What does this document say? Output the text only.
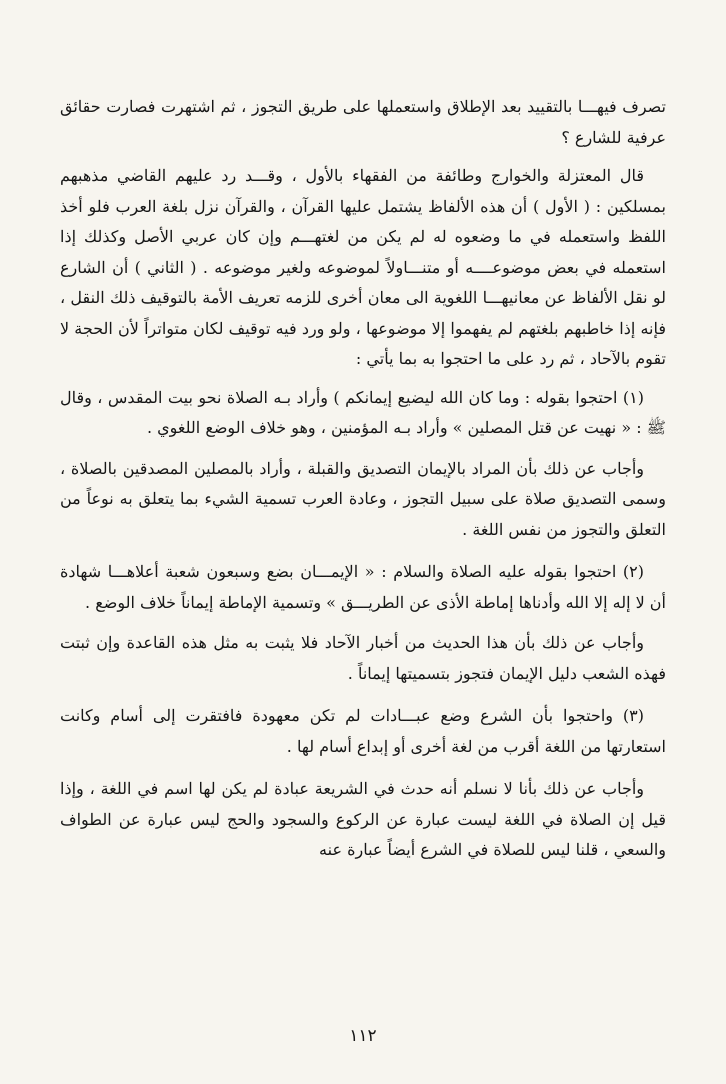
تصرف فيهـــا بالتقييد بعد الإطلاق واستعملها على طريق التجوز ، ثم اشتهرت فصارت حقائق عرفية للشارع ؟

قال المعتزلة والخوارج وطائفة من الفقهاء بالأول ، وقـــد رد عليهم القاضي مذهبهم بمسلكين : ( الأول ) أن هذه الألفاظ يشتمل عليها القرآن ، والقرآن نزل بلغة العرب فلو أخذ اللفظ واستعمله في ما وضعوه له لم يكن من لغتهـــم وإن كان عربي الأصل وكذلك إذا استعمله في بعض موضوعــــه أو متنـــاولاً لموضوعه ولغير موضوعه . ( الثاني ) أن الشارع لو نقل الألفاظ عن معانيهـــا اللغوية الى معان أخرى للزمه تعريف الأمة بالتوقيف ذلك النقل ، فإنه إذا خاطبهم بلغتهم لم يفهموا إلا موضوعها ، ولو ورد فيه توقيف لكان متواتراً لأن الحجة لا تقوم بالآحاد ، ثم رد على ما احتجوا به بما يأتي :

(١) احتجوا بقوله : وما كان الله ليضيع إيمانكم ) وأراد بـه الصلاة نحو بيت المقدس ، وقال ﷺ : « نهيت عن قتل المصلين » وأراد بـه المؤمنين ، وهو خلاف الوضع اللغوي .

وأجاب عن ذلك بأن المراد بالإيمان التصديق والقبلة ، وأراد بالمصلين المصدقين بالصلاة ، وسمى التصديق صلاة على سبيل التجوز ، وعادة العرب تسمية الشيء بما يتعلق به نوعاً من التعلق والتجوز من نفس اللغة .

(٢) احتجوا بقوله عليه الصلاة والسلام : « الإيمـــان بضع وسبعون شعبة أعلاهـــا شهادة أن لا إله إلا الله وأدناها إماطة الأذى عن الطريـــق » وتسمية الإماطة إيماناً خلاف الوضع .

وأجاب عن ذلك بأن هذا الحديث من أخبار الآحاد فلا يثبت به مثل هذه القاعدة وإن ثبتت فهذه الشعب دليل الإيمان فتجوز بتسميتها إيماناً .

(٣) واحتجوا بأن الشرع وضع عبـــادات لم تكن معهودة فافتقرت إلى أسام وكانت استعارتها من اللغة أقرب من لغة أخرى أو إبداع أسام لها .

وأجاب عن ذلك بأنا لا نسلم أنه حدث في الشريعة عبادة لم يكن لها اسم في اللغة ، وإذا قيل إن الصلاة في اللغة ليست عبارة عن الركوع والسجود والحج ليس عبارة عن الطواف والسعي ، قلنا ليس للصلاة في الشرع أيضاً عبارة عنه

١١٢
